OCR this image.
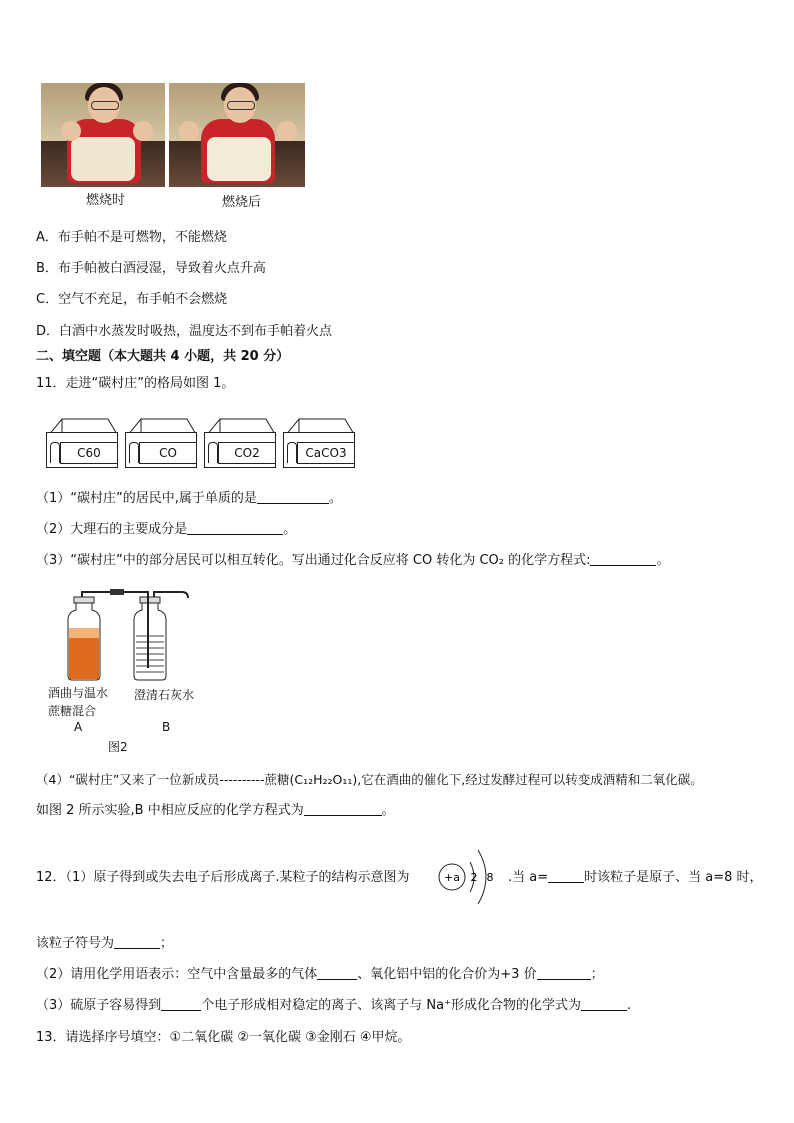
燃烧时	燃烧后
A．布手帕不是可燃物，不能燃烧
B．布手帕被白酒浸湿，导致着火点升高
C．空气不充足，布手帕不会燃烧
D．白酒中水蒸发时吸热，温度达不到布手帕着火点
二、填空题（本大题共 4 小题，共 20 分）
11．走进“碳村庄”的格局如图 1。
C60	CO	CO2	CaCO3
（1）“碳村庄”的居民中,属于单质的是	。
（2）大理石的主要成分是	。
（3）“碳村庄”中的部分居民可以相互转化。写出通过化合反应将 CO 转化为 CO₂ 的化学方程式:	。
酒曲与温水
蔗糖混合
澄清石灰水
A	B
图2
（4）“碳村庄”又来了一位新成员----------蔗糖(C₁₂H₂₂O₁₁),它在酒曲的催化下,经过发酵过程可以转变成酒精和二氧化碳。
如图 2 所示实验,B 中相应反应的化学方程式为	。
12．（1）原子得到或失去电子后形成离子.某粒子的结构示意图为	+a 2 8 .当 a=	时该粒子是原子、当 a=8 时，
该粒子符号为	；
（2）请用化学用语表示：空气中含量最多的气体	、氧化铝中铝的化合价为+3 价	；
（3）硫原子容易得到	个电子形成相对稳定的离子、该离子与 Na⁺形成化合物的化学式为	.
13．请选择序号填空：①二氧化碳 ②一氧化碳 ③金刚石 ④甲烷。
